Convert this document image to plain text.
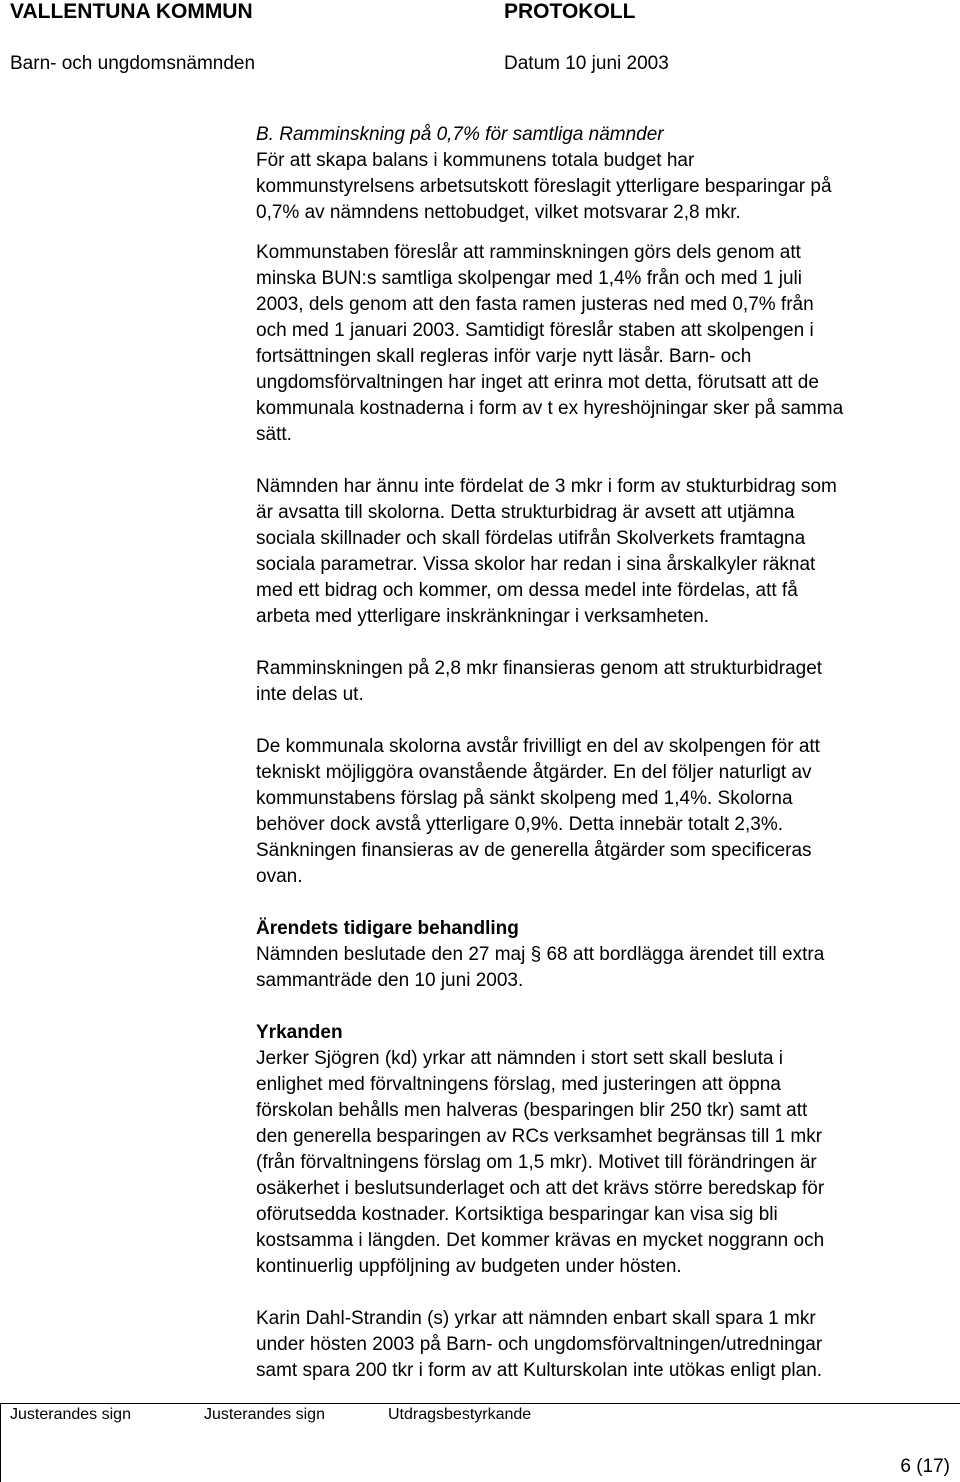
VALLENTUNA KOMMUN	PROTOKOLL
Barn- och ungdomsnämnden	Datum 10 juni 2003
B. Ramminskning på 0,7% för samtliga nämnder
För att skapa balans i kommunens totala budget har
kommunstyrelsens arbetsutskott föreslagit ytterligare besparingar på
0,7% av nämndens nettobudget, vilket motsvarar 2,8 mkr.
Kommunstaben föreslår att ramminskningen görs dels genom att
minska BUN:s samtliga skolpengar med 1,4% från och med 1 juli
2003, dels genom att den fasta ramen justeras ned med 0,7% från
och med 1 januari 2003. Samtidigt föreslår staben att skolpengen i
fortsättningen skall regleras inför varje nytt läsår. Barn- och
ungdomsförvaltningen har inget att erinra mot detta, förutsatt att de
kommunala kostnaderna i form av t ex hyreshöjningar sker på samma
sätt.
Nämnden har ännu inte fördelat de 3 mkr i form av stukturbidrag som
är avsatta till skolorna. Detta strukturbidrag är avsett att utjämna
sociala skillnader och skall fördelas utifrån Skolverkets framtagna
sociala parametrar. Vissa skolor har redan i sina årskalkyler räknat
med ett bidrag och kommer, om dessa medel inte fördelas, att få
arbeta med ytterligare inskränkningar i verksamheten.
Ramminskningen på 2,8 mkr finansieras genom att strukturbidraget
inte delas ut.
De kommunala skolorna avstår frivilligt en del av skolpengen för att
tekniskt möjliggöra ovanstående åtgärder. En del följer naturligt av
kommunstabens förslag på sänkt skolpeng med 1,4%. Skolorna
behöver dock avstå ytterligare 0,9%. Detta innebär totalt 2,3%.
Sänkningen finansieras av de generella åtgärder som specificeras
ovan.
Ärendets tidigare behandling
Nämnden beslutade den 27 maj § 68 att bordlägga ärendet till extra
sammanträde den 10 juni 2003.
Yrkanden
Jerker Sjögren (kd) yrkar att nämnden i stort sett skall besluta i
enlighet med förvaltningens förslag, med justeringen att öppna
förskolan behålls men halveras (besparingen blir 250 tkr) samt att
den generella besparingen av RCs verksamhet begränsas till 1 mkr
(från förvaltningens förslag om 1,5 mkr). Motivet till förändringen är
osäkerhet i beslutsunderlaget och att det krävs större beredskap för
oförutsedda kostnader. Kortsiktiga besparingar kan visa sig bli
kostsamma i längden. Det kommer krävas en mycket noggrann och
kontinuerlig uppföljning av budgeten under hösten.
Karin Dahl-Strandin (s) yrkar att nämnden enbart skall spara 1 mkr
under hösten 2003 på Barn- och ungdomsförvaltningen/utredningar
samt spara 200 tkr i form av att Kulturskolan inte utökas enligt plan.
Justerandes sign	Justerandes sign	Utdragsbestyrkande
6 (17)
